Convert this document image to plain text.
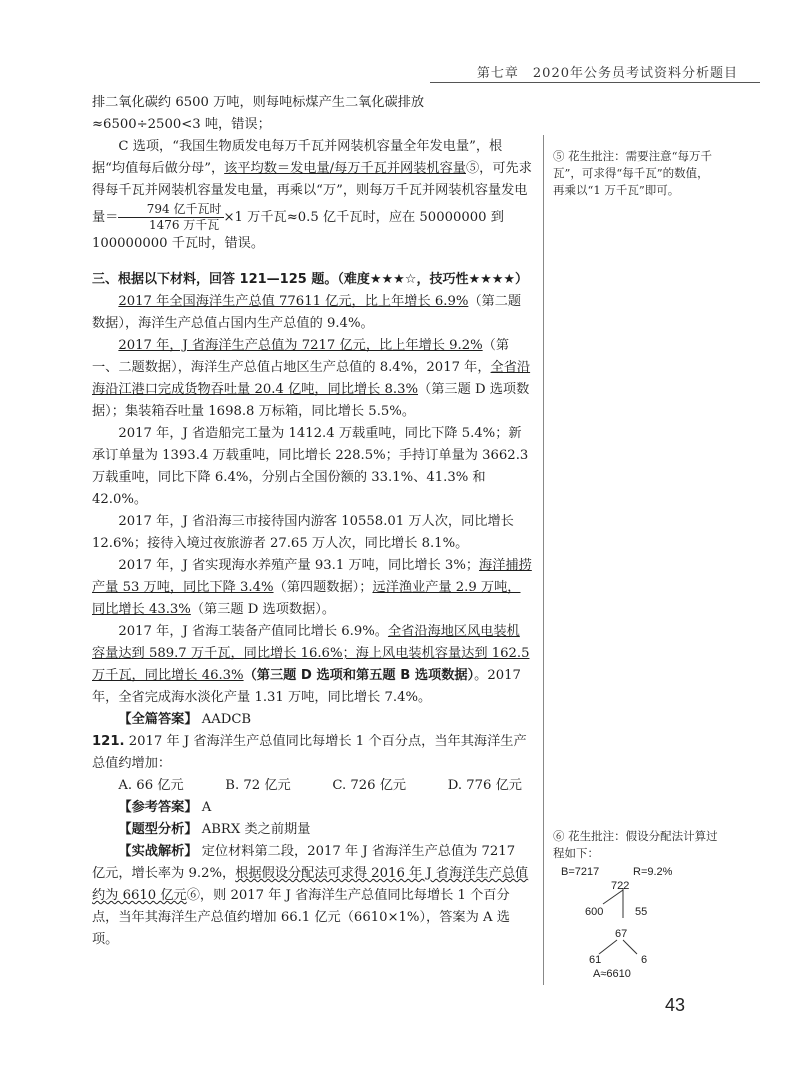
第七章　2020年公务员考试资料分析题目

排二氧化碳约 6500 万吨，则每吨标煤产生二氧化碳排放≈6500÷2500<3 吨，错误；

C 选项，“我国生物质发电每万千瓦并网装机容量全年发电量”，根据“均值每后做分母”，该平均数＝发电量/每万千瓦并网装机容量⑤，可先求得每千瓦并网装机容量发电量，再乘以“万”，则每万千瓦并网装机容量发电量＝ $\frac{\text{794 亿千瓦时}}{\text{1476 万千瓦}} \times 1$ 万千瓦≈0.5 亿千瓦时，应在 50000000 到 100000000 千瓦时，错误。

三、根据以下材料，回答 121—125 题。（难度★★★☆，技巧性★★★★）

2017 年全国海洋生产总值 77611 亿元，比上年增长 6.9%（第二题数据），海洋生产总值占国内生产总值的 9.4%。

2017 年，J 省海洋生产总值为 7217 亿元，比上年增长 9.2%（第一、二题数据），海洋生产总值占地区生产总值的 8.4%，2017 年，全省沿海沿江港口完成货物吞吐量 20.4 亿吨，同比增长 8.3%（第三题 D 选项数据）；集装箱吞吐量 1698.8 万标箱，同比增长 5.5%。

2017 年，J 省造船完工量为 1412.4 万载重吨，同比下降 5.4%；新承订单量为 1393.4 万载重吨，同比增长 228.5%；手持订单量为 3662.3 万载重吨，同比下降 6.4%，分别占全国份额的 33.1%、41.3% 和 42.0%。

2017 年，J 省沿海三市接待国内游客 10558.01 万人次，同比增长 12.6%；接待入境过夜旅游者 27.65 万人次，同比增长 8.1%。

2017 年，J 省实现海水养殖产量 93.1 万吨，同比增长 3%；海洋捕捞产量 53 万吨，同比下降 3.4%（第四题数据）；远洋渔业产量 2.9 万吨，同比增长 43.3%（第三题 D 选项数据）。

2017 年，J 省海工装备产值同比增长 6.9%。全省沿海地区风电装机容量达到 589.7 万千瓦，同比增长 16.6%；海上风电装机容量达到 162.5 万千瓦，同比增长 46.3%（第三题 D 选项和第五题 B 选项数据）。2017 年，全省完成海水淡化产量 1.31 万吨，同比增长 7.4%。

【全篇答案】 AADCB

121. 2017 年 J 省海洋生产总值同比每增长 1 个百分点，当年其海洋生产总值约增加：

A. 66 亿元	B. 72 亿元	C. 726 亿元	D. 776 亿元

【参考答案】 A

【题型分析】 ABRX 类之前期量

【实战解析】 定位材料第二段，2017 年 J 省海洋生产总值为 7217 亿元，增长率为 9.2%，根据假设分配法可求得 2016 年 J 省海洋生产总值约为 6610 亿元⑥，则 2017 年 J 省海洋生产总值同比每增长 1 个百分点，当年其海洋生产总值约增加 66.1 亿元（6610×1%），答案为 A 选项。

⑤ 花生批注：需要注意“每万千瓦”，可求得“每千瓦”的数值，再乘以“1 万千瓦”即可。
⑥ 花生批注：假设分配法计算过程如下：
B=7217	R=9.2%
722
600	55
67
61	6
A≈6610
43
